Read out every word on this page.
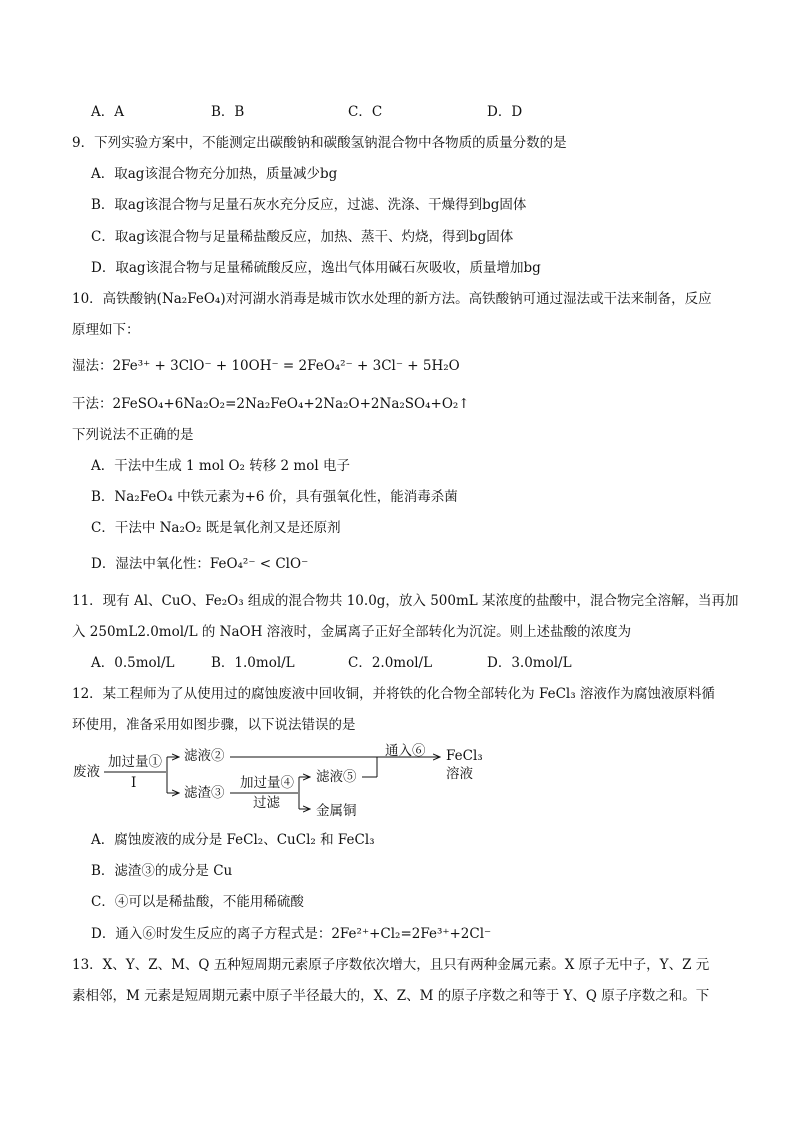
A．A	B．B	C．C	D．D
9．下列实验方案中，不能测定出碳酸钠和碳酸氢钠混合物中各物质的质量分数的是
A．取ag该混合物充分加热，质量减少bg
B．取ag该混合物与足量石灰水充分反应，过滤、洗涤、干燥得到bg固体
C．取ag该混合物与足量稀盐酸反应，加热、蒸干、灼烧，得到bg固体
D．取ag该混合物与足量稀硫酸反应，逸出气体用碱石灰吸收，质量增加bg
10．高铁酸钠(Na₂FeO₄)对河湖水消毒是城市饮水处理的新方法。高铁酸钠可通过湿法或干法来制备，反应
原理如下：
湿法：2Fe³⁺ + 3ClO⁻ + 10OH⁻ = 2FeO₄²⁻ + 3Cl⁻ + 5H₂O
干法：2FeSO₄+6Na₂O₂=2Na₂FeO₄+2Na₂O+2Na₂SO₄+O₂↑
下列说法不正确的是
A．干法中生成 1 mol O₂ 转移 2 mol 电子
B．Na₂FeO₄ 中铁元素为+6 价，具有强氧化性，能消毒杀菌
C．干法中 Na₂O₂ 既是氧化剂又是还原剂
D．湿法中氧化性：FeO₄²⁻ < ClO⁻
11．现有 Al、CuO、Fe₂O₃ 组成的混合物共 10.0g，放入 500mL 某浓度的盐酸中，混合物完全溶解，当再加
入 250mL2.0mol/L 的 NaOH 溶液时，金属离子正好全部转化为沉淀。则上述盐酸的浓度为
A．0.5mol/L	B．1.0mol/L	C．2.0mol/L	D．3.0mol/L
12．某工程师为了从使用过的腐蚀废液中回收铜，并将铁的化合物全部转化为 FeCl₃ 溶液作为腐蚀液原料循
环使用，准备采用如图步骤，以下说法错误的是
废液
加过量①
Ⅰ
滤液②
滤渣③
加过量④
过滤
滤液⑤
金属铜
通入⑥ FeCl₃
溶液
A．腐蚀废液的成分是 FeCl₂、CuCl₂ 和 FeCl₃
B．滤渣③的成分是 Cu
C．④可以是稀盐酸，不能用稀硫酸
D．通入⑥时发生反应的离子方程式是：2Fe²⁺+Cl₂=2Fe³⁺+2Cl⁻
13．X、Y、Z、M、Q 五种短周期元素原子序数依次增大，且只有两种金属元素。X 原子无中子，Y、Z 元
素相邻，M 元素是短周期元素中原子半径最大的，X、Z、M 的原子序数之和等于 Y、Q 原子序数之和。下
